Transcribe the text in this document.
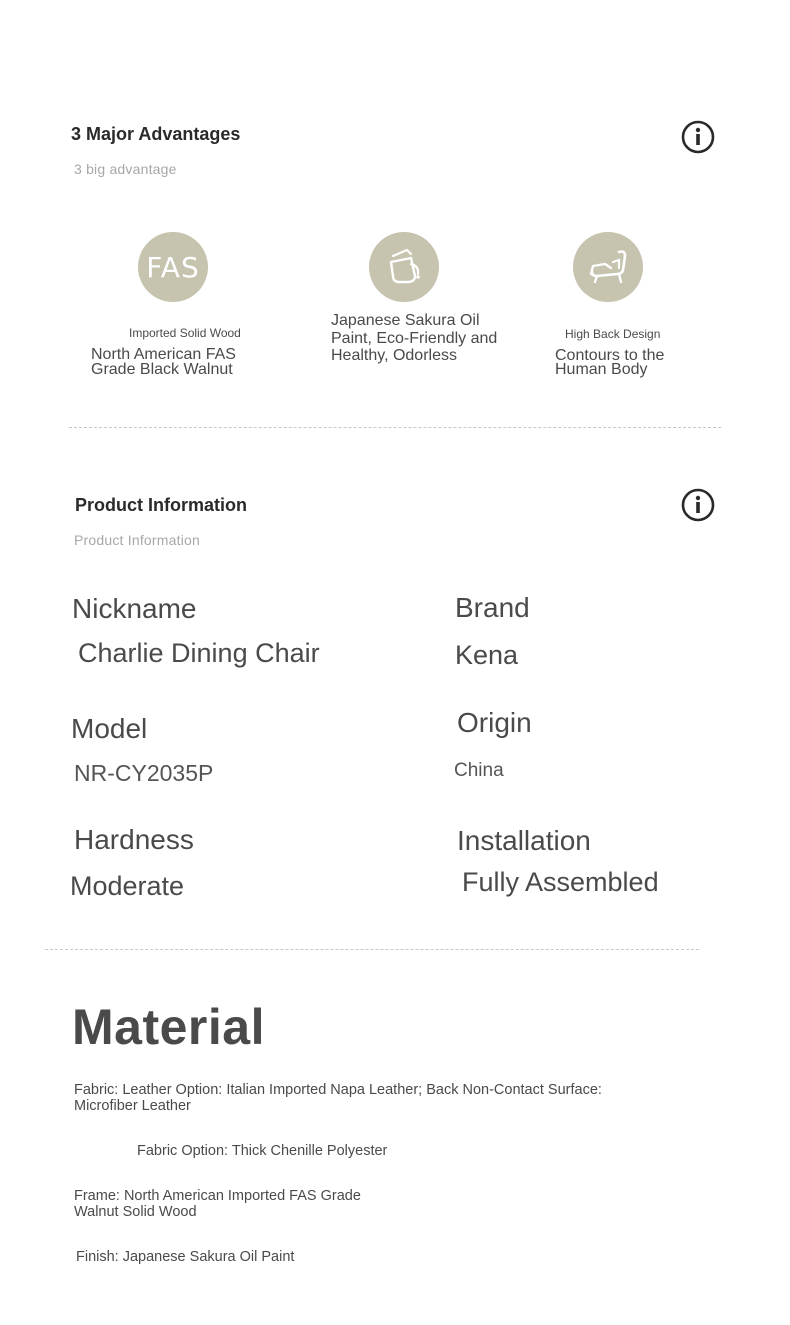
3 Major Advantages
3 big advantage
FAS
Imported Solid Wood
North American FAS
Grade Black Walnut
Japanese Sakura Oil Paint, Eco-Friendly and Healthy, Odorless
High Back Design
Contours to the
Human Body
Product Information
Product Information
Nickname
Charlie Dining Chair
Brand
Kena
Model
NR-CY2035P
Origin
China
Hardness
Moderate
Installation
Fully Assembled
Material
Fabric: Leather Option: Italian Imported Napa Leather; Back Non-Contact Surface:
Microfiber Leather
Fabric Option: Thick Chenille Polyester
Frame: North American Imported FAS Grade
Walnut Solid Wood
Finish: Japanese Sakura Oil Paint
